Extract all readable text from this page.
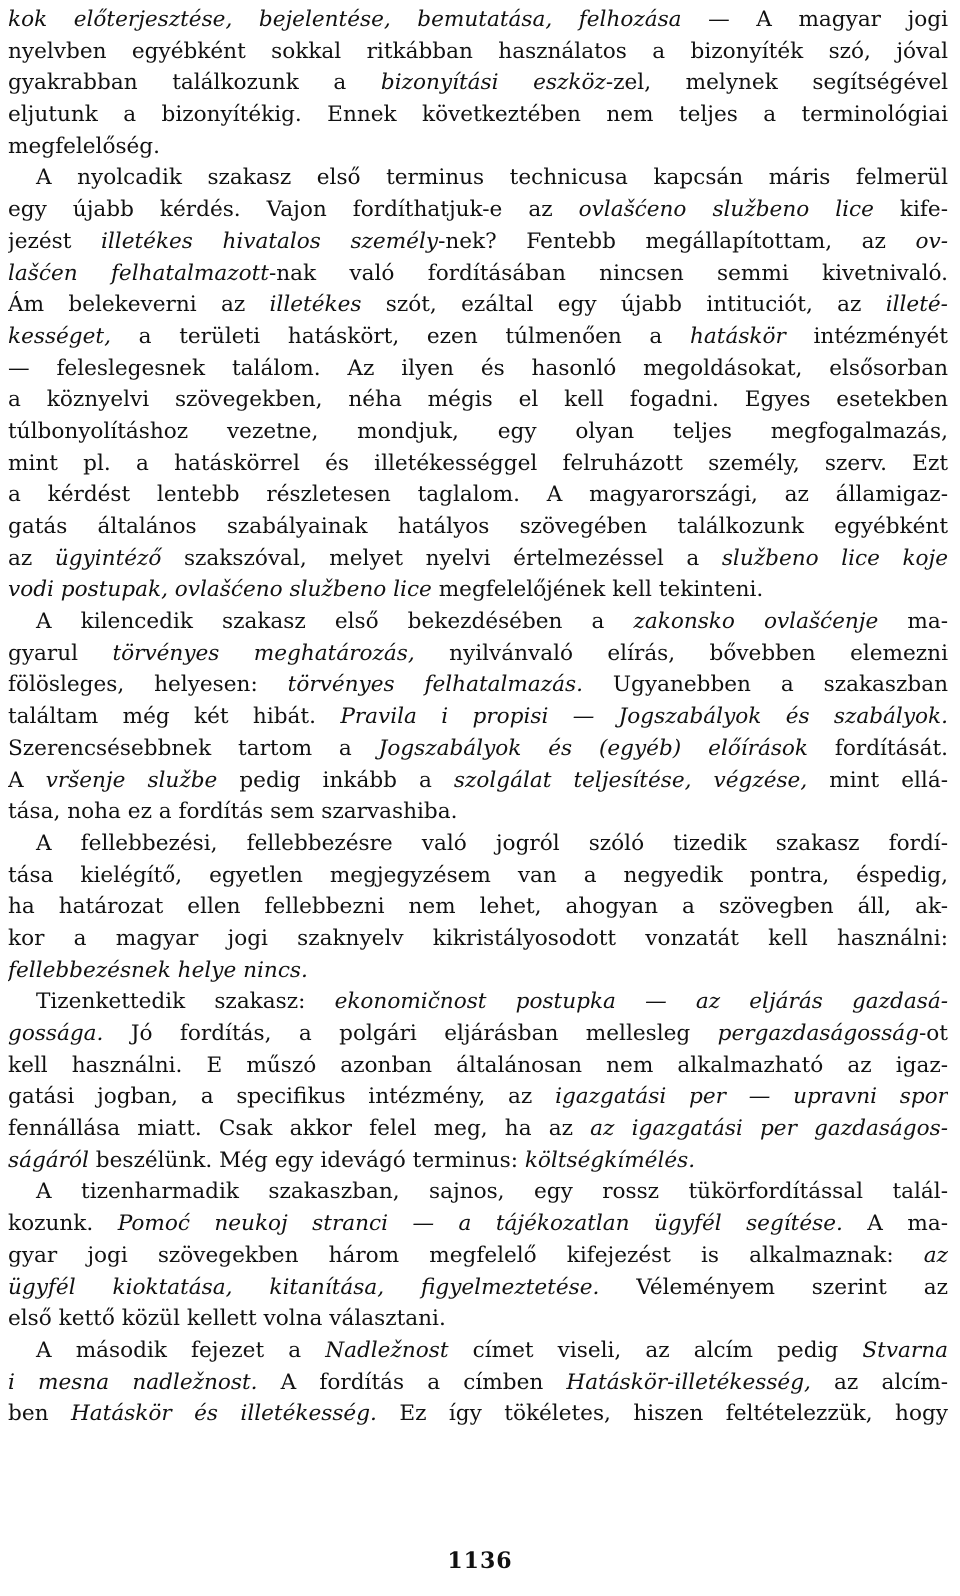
kok előterjesztése, bejelentése, bemutatása, felhozása — A magyar jogi
nyelvben egyébként sokkal ritkábban használatos a bizonyíték szó, jóval
gyakrabban találkozunk a bizonyítási eszköz-zel, melynek segítségével
eljutunk a bizonyítékig. Ennek következtében nem teljes a terminológiai
megfelelőség.
A nyolcadik szakasz első terminus technicusa kapcsán máris felmerül
egy újabb kérdés. Vajon fordíthatjuk-e az ovlašćeno službeno lice kife-
jezést illetékes hivatalos személy-nek? Fentebb megállapítottam, az ov-
lašćen felhatalmazott-nak való fordításában nincsen semmi kivetnivaló.
Ám belekeverni az illetékes szót, ezáltal egy újabb intituciót, az illeté-
kességet, a területi hatáskört, ezen túlmenően a hatáskör intézményét
— feleslegesnek találom. Az ilyen és hasonló megoldásokat, elsősorban
a köznyelvi szövegekben, néha mégis el kell fogadni. Egyes esetekben
túlbonyolításhoz vezetne, mondjuk, egy olyan teljes megfogalmazás,
mint pl. a hatáskörrel és illetékességgel felruházott személy, szerv. Ezt
a kérdést lentebb részletesen taglalom. A magyarországi, az államigaz-
gatás általános szabályainak hatályos szövegében találkozunk egyébként
az ügyintéző szakszóval, melyet nyelvi értelmezéssel a službeno lice koje
vodi postupak, ovlašćeno službeno lice megfelelőjének kell tekinteni.
A kilencedik szakasz első bekezdésében a zakonsko ovlašćenje ma-
gyarul törvényes meghatározás, nyilvánvaló elírás, bővebben elemezni
fölösleges, helyesen: törvényes felhatalmazás. Ugyanebben a szakaszban
találtam még két hibát. Pravila i propisi — Jogszabályok és szabályok.
Szerencsésebbnek tartom a Jogszabályok és (egyéb) előírások fordítását.
A vršenje službe pedig inkább a szolgálat teljesítése, végzése, mint ellá-
tása, noha ez a fordítás sem szarvashiba.
A fellebbezési, fellebbezésre való jogról szóló tizedik szakasz fordí-
tása kielégítő, egyetlen megjegyzésem van a negyedik pontra, éspedig,
ha határozat ellen fellebbezni nem lehet, ahogyan a szövegben áll, ak-
kor a magyar jogi szaknyelv kikristályosodott vonzatát kell használni:
fellebbezésnek helye nincs.
Tizenkettedik szakasz: ekonomičnost postupka — az eljárás gazdasá-
gossága. Jó fordítás, a polgári eljárásban mellesleg pergazdaságosság-ot
kell használni. E műszó azonban általánosan nem alkalmazható az igaz-
gatási jogban, a specifikus intézmény, az igazgatási per — upravni spor
fennállása miatt. Csak akkor felel meg, ha az az igazgatási per gazdaságos-
ságáról beszélünk. Még egy idevágó terminus: költségkímélés.
A tizenharmadik szakaszban, sajnos, egy rossz tükörfordítással talál-
kozunk. Pomoć neukoj stranci — a tájékozatlan ügyfél segítése. A ma-
gyar jogi szövegekben három megfelelő kifejezést is alkalmaznak: az
ügyfél kioktatása, kitanítása, figyelmeztetése. Véleményem szerint az
első kettő közül kellett volna választani.
A második fejezet a Nadležnost címet viseli, az alcím pedig Stvarna
i mesna nadležnost. A fordítás a címben Hatáskör-illetékesség, az alcím-
ben Hatáskör és illetékesség. Ez így tökéletes, hiszen feltételezzük, hogy
1136
